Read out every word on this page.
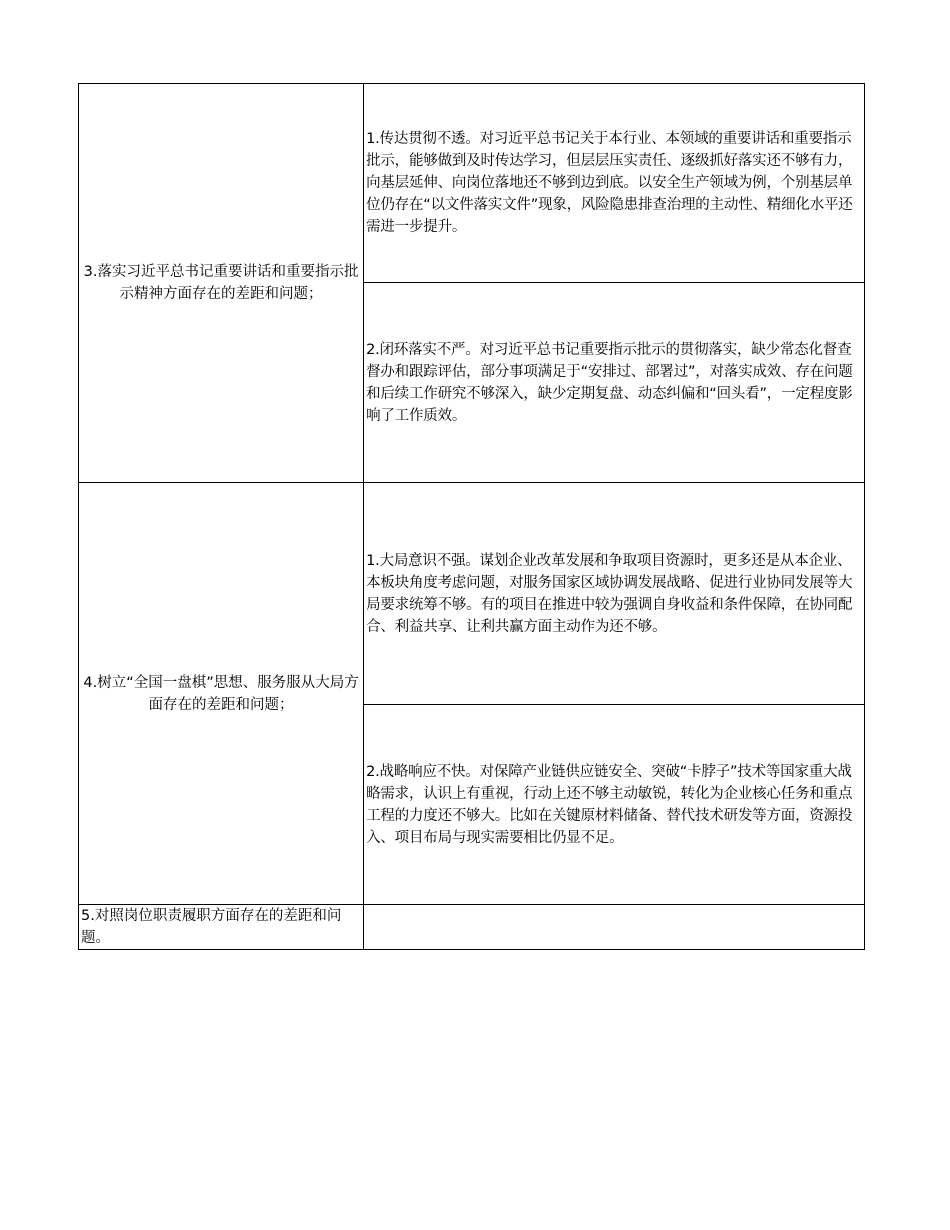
3.落实习近平总书记重要讲话和重要指示批示精神方面存在的差距和问题；	1.传达贯彻不透。对习近平总书记关于本行业、本领域的重要讲话和重要指示批示，能够做到及时传达学习，但层层压实责任、逐级抓好落实还不够有力，向基层延伸、向岗位落地还不够到边到底。以安全生产领域为例，个别基层单位仍存在“以文件落实文件”现象，风险隐患排查治理的主动性、精细化水平还需进一步提升。
	2.闭环落实不严。对习近平总书记重要指示批示的贯彻落实，缺少常态化督查督办和跟踪评估，部分事项满足于“安排过、部署过”，对落实成效、存在问题和后续工作研究不够深入，缺少定期复盘、动态纠偏和“回头看”，一定程度影响了工作质效。
4.树立“全国一盘棋”思想、服务服从大局方面存在的差距和问题；	1.大局意识不强。谋划企业改革发展和争取项目资源时，更多还是从本企业、本板块角度考虑问题，对服务国家区域协调发展战略、促进行业协同发展等大局要求统筹不够。有的项目在推进中较为强调自身收益和条件保障，在协同配合、利益共享、让利共赢方面主动作为还不够。
	2.战略响应不快。对保障产业链供应链安全、突破“卡脖子”技术等国家重大战略需求，认识上有重视，行动上还不够主动敏锐，转化为企业核心任务和重点工程的力度还不够大。比如在关键原材料储备、替代技术研发等方面，资源投入、项目布局与现实需要相比仍显不足。
5.对照岗位职责履职方面存在的差距和问题。	
